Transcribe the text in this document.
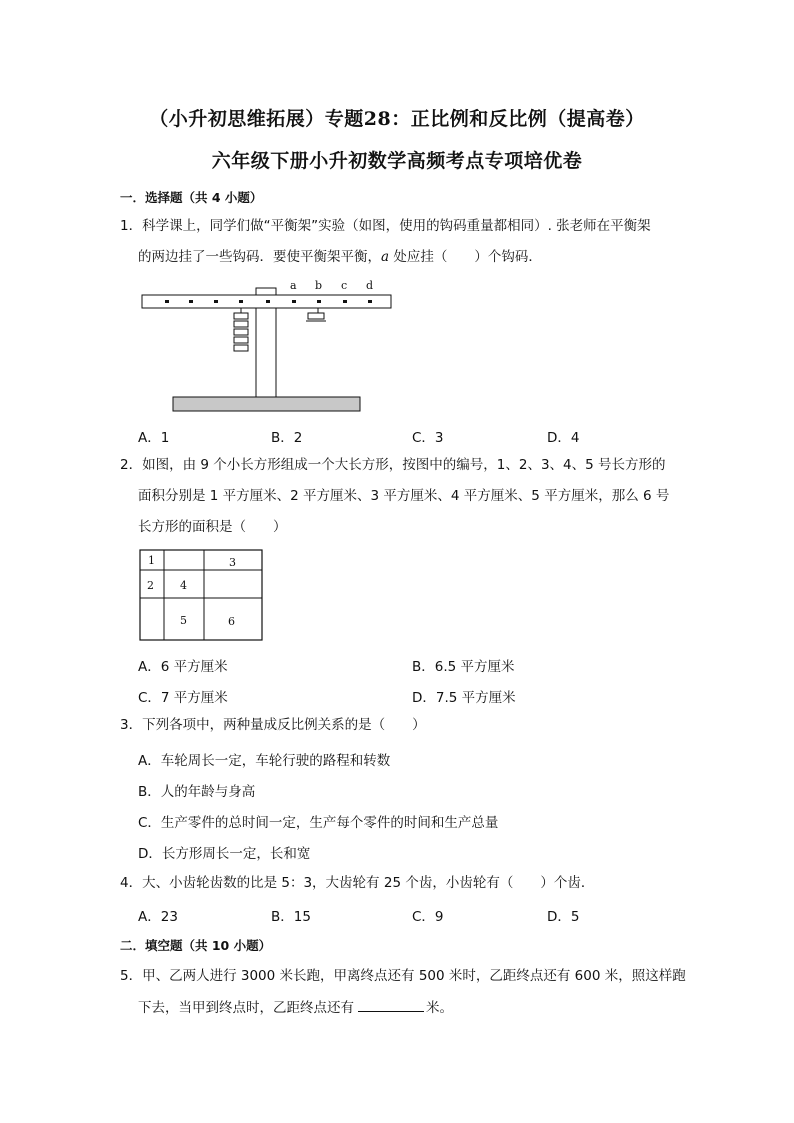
（小升初思维拓展）专题28：正比例和反比例（提高卷）
六年级下册小升初数学高频考点专项培优卷
一．选择题（共 4 小题）
1．科学课上，同学们做“平衡架”实验（如图，使用的钩码重量都相同）. 张老师在平衡架
的两边挂了一些钩码．要使平衡架平衡，a 处应挂（　　）个钩码．
a b c d
A．1	B．2	C．3	D．4
2．如图，由 9 个小长方形组成一个大长方形，按图中的编号，1、2、3、4、5 号长方形的
面积分别是 1 平方厘米、2 平方厘米、3 平方厘米、4 平方厘米、5 平方厘米，那么 6 号
长方形的面积是（　　）
1	3
2 4
5	6
A．6 平方厘米	B．6.5 平方厘米
C．7 平方厘米	D．7.5 平方厘米
3．下列各项中，两种量成反比例关系的是（　　）
A．车轮周长一定，车轮行驶的路程和转数
B．人的年龄与身高
C．生产零件的总时间一定，生产每个零件的时间和生产总量
D．长方形周长一定，长和宽
4．大、小齿轮齿数的比是 5：3，大齿轮有 25 个齿，小齿轮有（　　）个齿．
A．23	B．15	C．9	D．5
二．填空题（共 10 小题）
5．甲、乙两人进行 3000 米长跑，甲离终点还有 500 米时，乙距终点还有 600 米，照这样跑
下去，当甲到终点时，乙距终点还有	米。
